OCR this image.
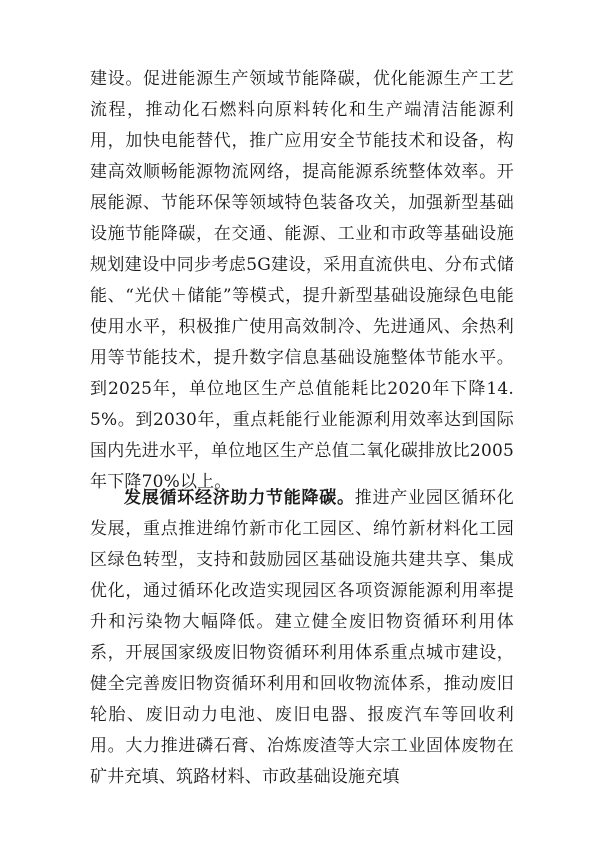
建设。促进能源生产领域节能降碳，优化能源生产工艺流程，推动化石燃料向原料转化和生产端清洁能源利用，加快电能替代，推广应用安全节能技术和设备，构建高效顺畅能源物流网络，提高能源系统整体效率。开展能源、节能环保等领域特色装备攻关，加强新型基础设施节能降碳，在交通、能源、工业和市政等基础设施规划建设中同步考虑5G建设，采用直流供电、分布式储能、“光伏＋储能”等模式，提升新型基础设施绿色电能使用水平，积极推广使用高效制冷、先进通风、余热利用等节能技术，提升数字信息基础设施整体节能水平。到2025年，单位地区生产总值能耗比2020年下降14.5%。到2030年，重点耗能行业能源利用效率达到国际国内先进水平，单位地区生产总值二氧化碳排放比2005年下降70%以上。

发展循环经济助力节能降碳。推进产业园区循环化发展，重点推进绵竹新市化工园区、绵竹新材料化工园区绿色转型，支持和鼓励园区基础设施共建共享、集成优化，通过循环化改造实现园区各项资源能源利用率提升和污染物大幅降低。建立健全废旧物资循环利用体系，开展国家级废旧物资循环利用体系重点城市建设，健全完善废旧物资循环利用和回收物流体系，推动废旧轮胎、废旧动力电池、废旧电器、报废汽车等回收利用。大力推进磷石膏、冶炼废渣等大宗工业固体废物在矿井充填、筑路材料、市政基础设施充填
